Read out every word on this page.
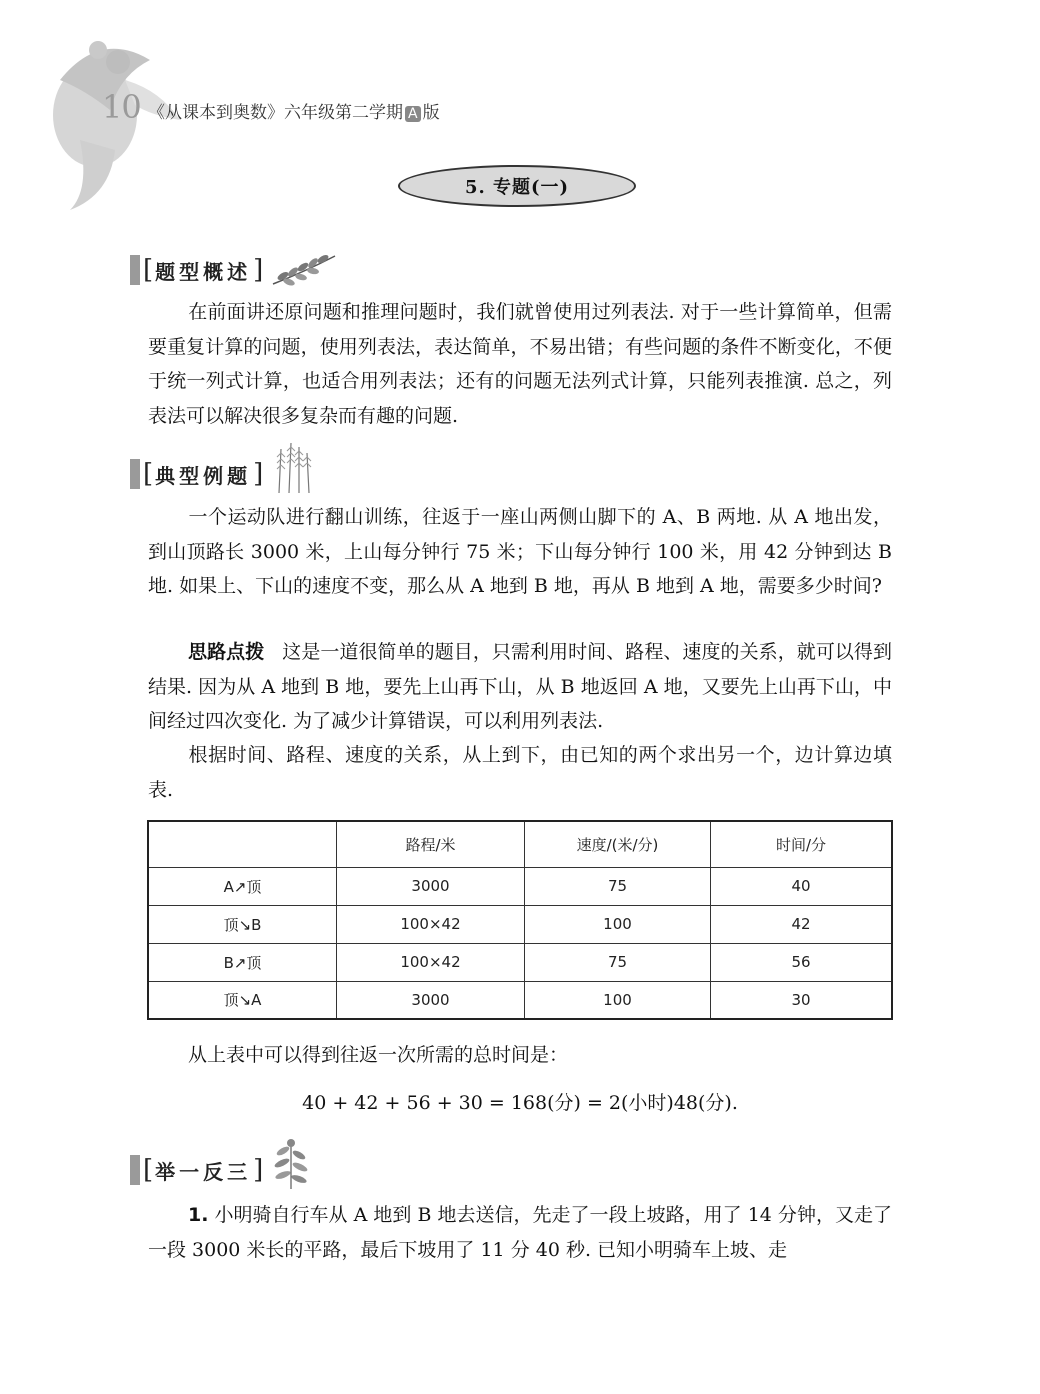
10 《从课本到奥数》六年级第二学期 A 版
5. 专题(一)
[ 题型概述 ]

在前面讲还原问题和推理问题时，我们就曾使用过列表法. 对于一些计算简单，但需要重复计算的问题，使用列表法，表达简单，不易出错；有些问题的条件不断变化，不便于统一列式计算，也适合用列表法；还有的问题无法列式计算，只能列表推演. 总之，列表法可以解决很多复杂而有趣的问题.

[ 典型例题 ]

一个运动队进行翻山训练，往返于一座山两侧山脚下的 A、B 两地. 从 A 地出发，到山顶路长 3000 米，上山每分钟行 75 米；下山每分钟行 100 米，用 42 分钟到达 B 地. 如果上、下山的速度不变，那么从 A 地到 B 地，再从 B 地到 A 地，需要多少时间?

思路点拨 这是一道很简单的题目，只需利用时间、路程、速度的关系，就可以得到结果. 因为从 A 地到 B 地，要先上山再下山，从 B 地返回 A 地，又要先上山再下山，中间经过四次变化. 为了减少计算错误，可以利用列表法.

根据时间、路程、速度的关系，从上到下，由已知的两个求出另一个，边计算边填表.

	路程/米	速度/(米/分)	时间/分
A↗顶	3000	75	40
顶↘B	100×42	100	42
B↗顶	100×42	75	56
顶↘A	3000	100	30

从上表中可以得到往返一次所需的总时间是：

40 + 42 + 56 + 30 = 168(分) = 2(小时)48(分).
[ 举一反三 ]

1. 小明骑自行车从 A 地到 B 地去送信，先走了一段上坡路，用了 14 分钟，又走了一段 3000 米长的平路，最后下坡用了 11 分 40 秒. 已知小明骑车上坡、走
